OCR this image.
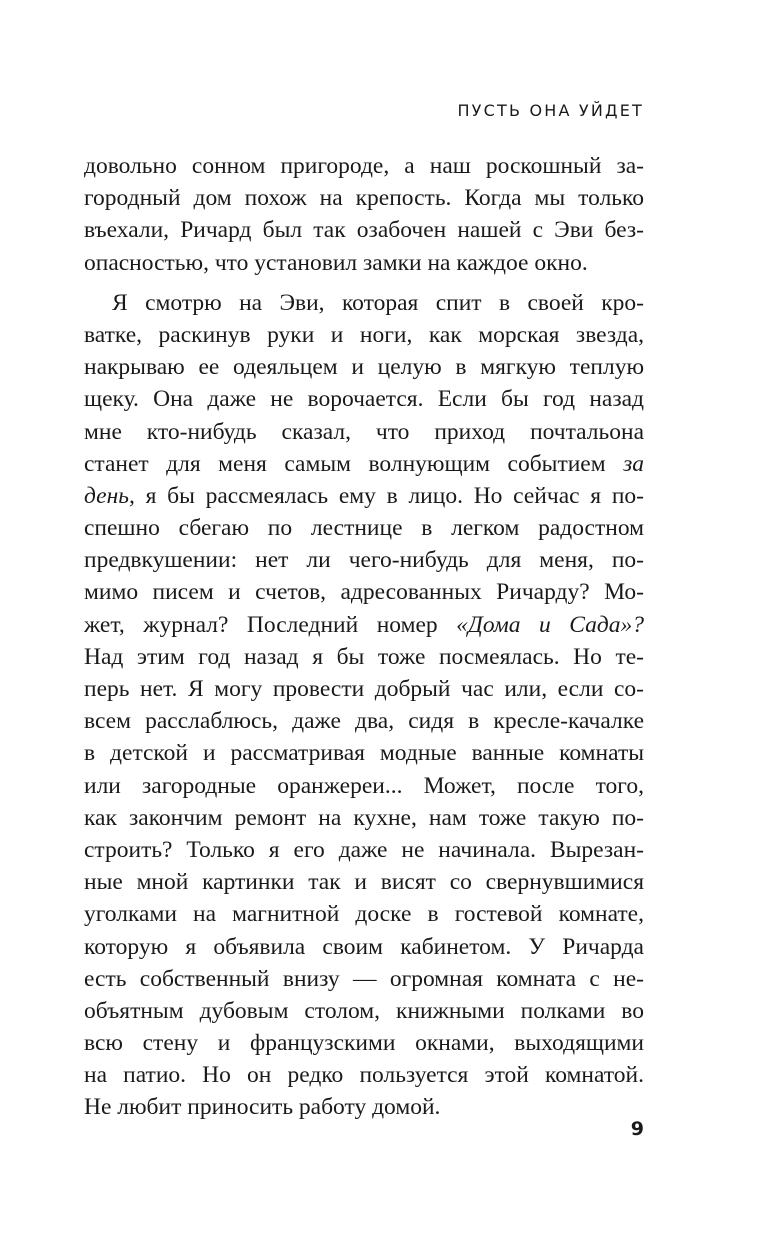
ПУСТЬ ОНА УЙДЕТ
довольно сонном пригороде, а наш роскошный за-
городный дом похож на крепость. Когда мы только
въехали, Ричард был так озабочен нашей с Эви без-
опасностью, что установил замки на каждое окно.
Я смотрю на Эви, которая спит в своей кро-
ватке, раскинув руки и ноги, как морская звезда,
накрываю ее одеяльцем и целую в мягкую теплую
щеку. Она даже не ворочается. Если бы год назад
мне кто-нибудь сказал, что приход почтальона
станет для меня самым волнующим событием за
день, я бы рассмеялась ему в лицо. Но сейчас я по-
спешно сбегаю по лестнице в легком радостном
предвкушении: нет ли чего-нибудь для меня, по-
мимо писем и счетов, адресованных Ричарду? Мо-
жет, журнал? Последний номер «Дома и Сада»?
Над этим год назад я бы тоже посмеялась. Но те-
перь нет. Я могу провести добрый час или, если со-
всем расслаблюсь, даже два, сидя в кресле-качалке
в детской и рассматривая модные ванные комнаты
или загородные оранжереи... Может, после того,
как закончим ремонт на кухне, нам тоже такую по-
строить? Только я его даже не начинала. Вырезан-
ные мной картинки так и висят со свернувшимися
уголками на магнитной доске в гостевой комнате,
которую я объявила своим кабинетом. У Ричарда
есть собственный внизу — огромная комната с не-
объятным дубовым столом, книжными полками во
всю стену и французскими окнами, выходящими
на патио. Но он редко пользуется этой комнатой.
Не любит приносить работу домой.
9
